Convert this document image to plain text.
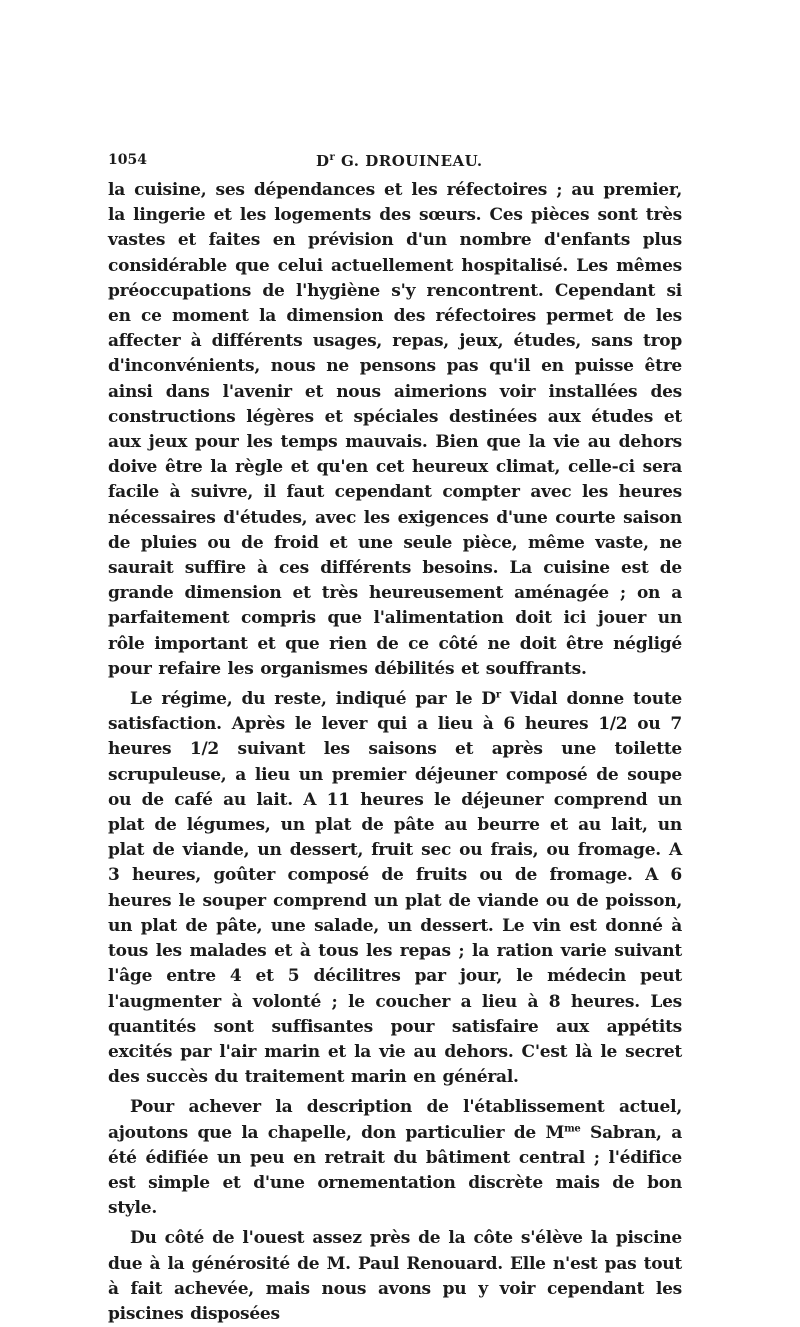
1054	$D^r$ G. DROUINEAU.

la cuisine, ses dépendances et les réfectoires ; au premier, la lingerie et les logements des sœurs. Ces pièces sont très vastes et faites en prévision d'un nombre d'enfants plus considérable que celui actuellement hospitalisé. Les mêmes préoccupations de l'hygiène s'y rencontrent. Cependant si en ce moment la dimension des réfectoires permet de les affecter à différents usages, repas, jeux, études, sans trop d'inconvénients, nous ne pensons pas qu'il en puisse être ainsi dans l'avenir et nous aimerions voir installées des constructions légères et spéciales destinées aux études et aux jeux pour les temps mauvais. Bien que la vie au dehors doive être la règle et qu'en cet heureux climat, celle-ci sera facile à suivre, il faut cependant compter avec les heures nécessaires d'études, avec les exigences d'une courte saison de pluies ou de froid et une seule pièce, même vaste, ne saurait suffire à ces différents besoins. La cuisine est de grande dimension et très heureusement aménagée ; on a parfaitement compris que l'alimentation doit ici jouer un rôle important et que rien de ce côté ne doit être négligé pour refaire les organismes débilités et souffrants.

Le régime, du reste, indiqué par le $D^r$ Vidal donne toute satisfaction. Après le lever qui a lieu à 6 heures 1/2 ou 7 heures 1/2 suivant les saisons et après une toilette scrupuleuse, a lieu un premier déjeuner composé de soupe ou de café au lait. A 11 heures le déjeuner comprend un plat de légumes, un plat de pâte au beurre et au lait, un plat de viande, un dessert, fruit sec ou frais, ou fromage. A 3 heures, goûter composé de fruits ou de fromage. A 6 heures le souper comprend un plat de viande ou de poisson, un plat de pâte, une salade, un dessert. Le vin est donné à tous les malades et à tous les repas ; la ration varie suivant l'âge entre 4 et 5 décilitres par jour, le médecin peut l'augmenter à volonté ; le coucher a lieu à 8 heures. Les quantités sont suffisantes pour satisfaire aux appétits excités par l'air marin et la vie au dehors. C'est là le secret des succès du traitement marin en général.

Pour achever la description de l'établissement actuel, ajoutons que la chapelle, don particulier de $M^{me}$ Sabran, a été édifiée un peu en retrait du bâtiment central ; l'édifice est simple et d'une ornementation discrète mais de bon style.

Du côté de l'ouest assez près de la côte s'élève la piscine due à la générosité de M. Paul Renouard. Elle n'est pas tout à fait achevée, mais nous avons pu y voir cependant les piscines disposées
